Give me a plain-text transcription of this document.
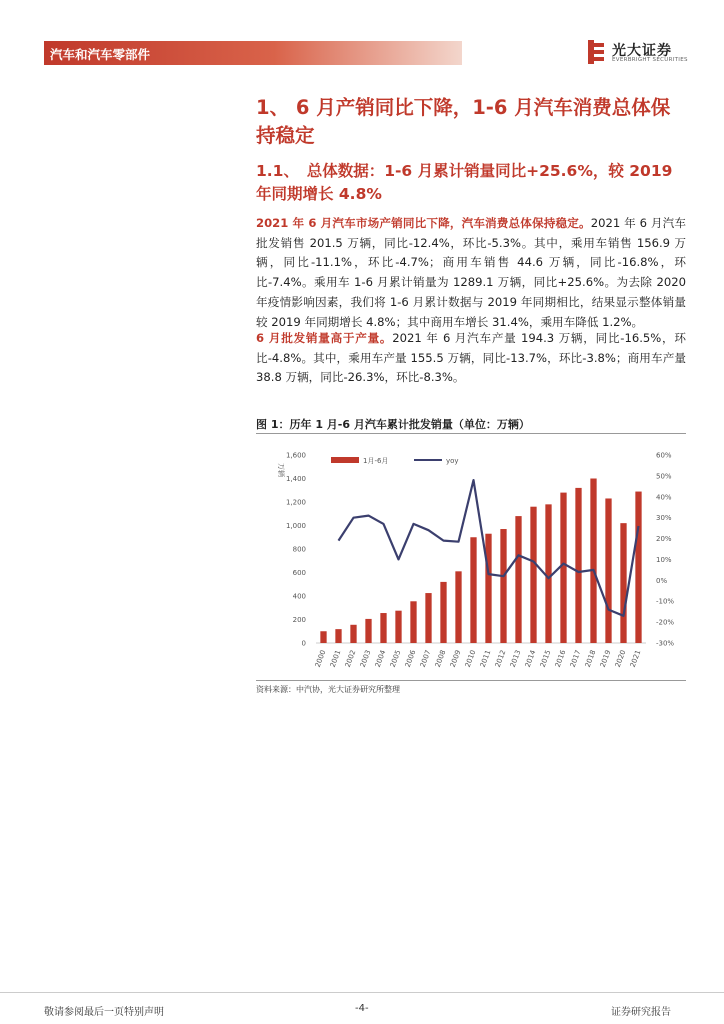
汽车和汽车零部件	光大证券
EVERBRIGHT SECURITIES
1、 6 月产销同比下降，1-6 月汽车消费总体保持稳定
1.1、　总体数据：1-6 月累计销量同比+25.6%，较 2019 年同期增长 4.8%

2021 年 6 月汽车市场产销同比下降，汽车消费总体保持稳定。2021 年 6 月汽车批发销售 201.5 万辆，同比-12.4%，环比-5.3%。其中，乘用车销售 156.9 万辆，同比-11.1%，环比-4.7%；商用车销售 44.6 万辆，同比-16.8%，环比-7.4%。乘用车 1-6 月累计销量为 1289.1 万辆，同比+25.6%。为去除 2020 年疫情影响因素，我们将 1-6 月累计数据与 2019 年同期相比，结果显示整体销量较 2019 年同期增长 4.8%；其中商用车增长 31.4%，乘用车降低 1.2%。

6 月批发销量高于产量。2021 年 6 月汽车产量 194.3 万辆，同比-16.5%，环比-4.8%。其中，乘用车产量 155.5 万辆，同比-13.7%，环比-3.8%；商用车产量 38.8 万辆，同比-26.3%，环比-8.3%。

图 1：历年 1 月-6 月汽车累计批发销量（单位：万辆）
0
200
400
600
800
1,000
1,200
1,400
1,600
-30%
-20%
-10%
0%
10%
20%
30%
40%
50%
60%
万辆
2000 2001 2002 2003 2004 2005 2006 2007 2008 2009 2010 2011 2012 2013 2014 2015 2016 2017 2018 2019 2020 2021
1月-6月	yoy
资料来源：中汽协，光大证券研究所整理
敬请参阅最后一页特别声明	-4-	证券研究报告
